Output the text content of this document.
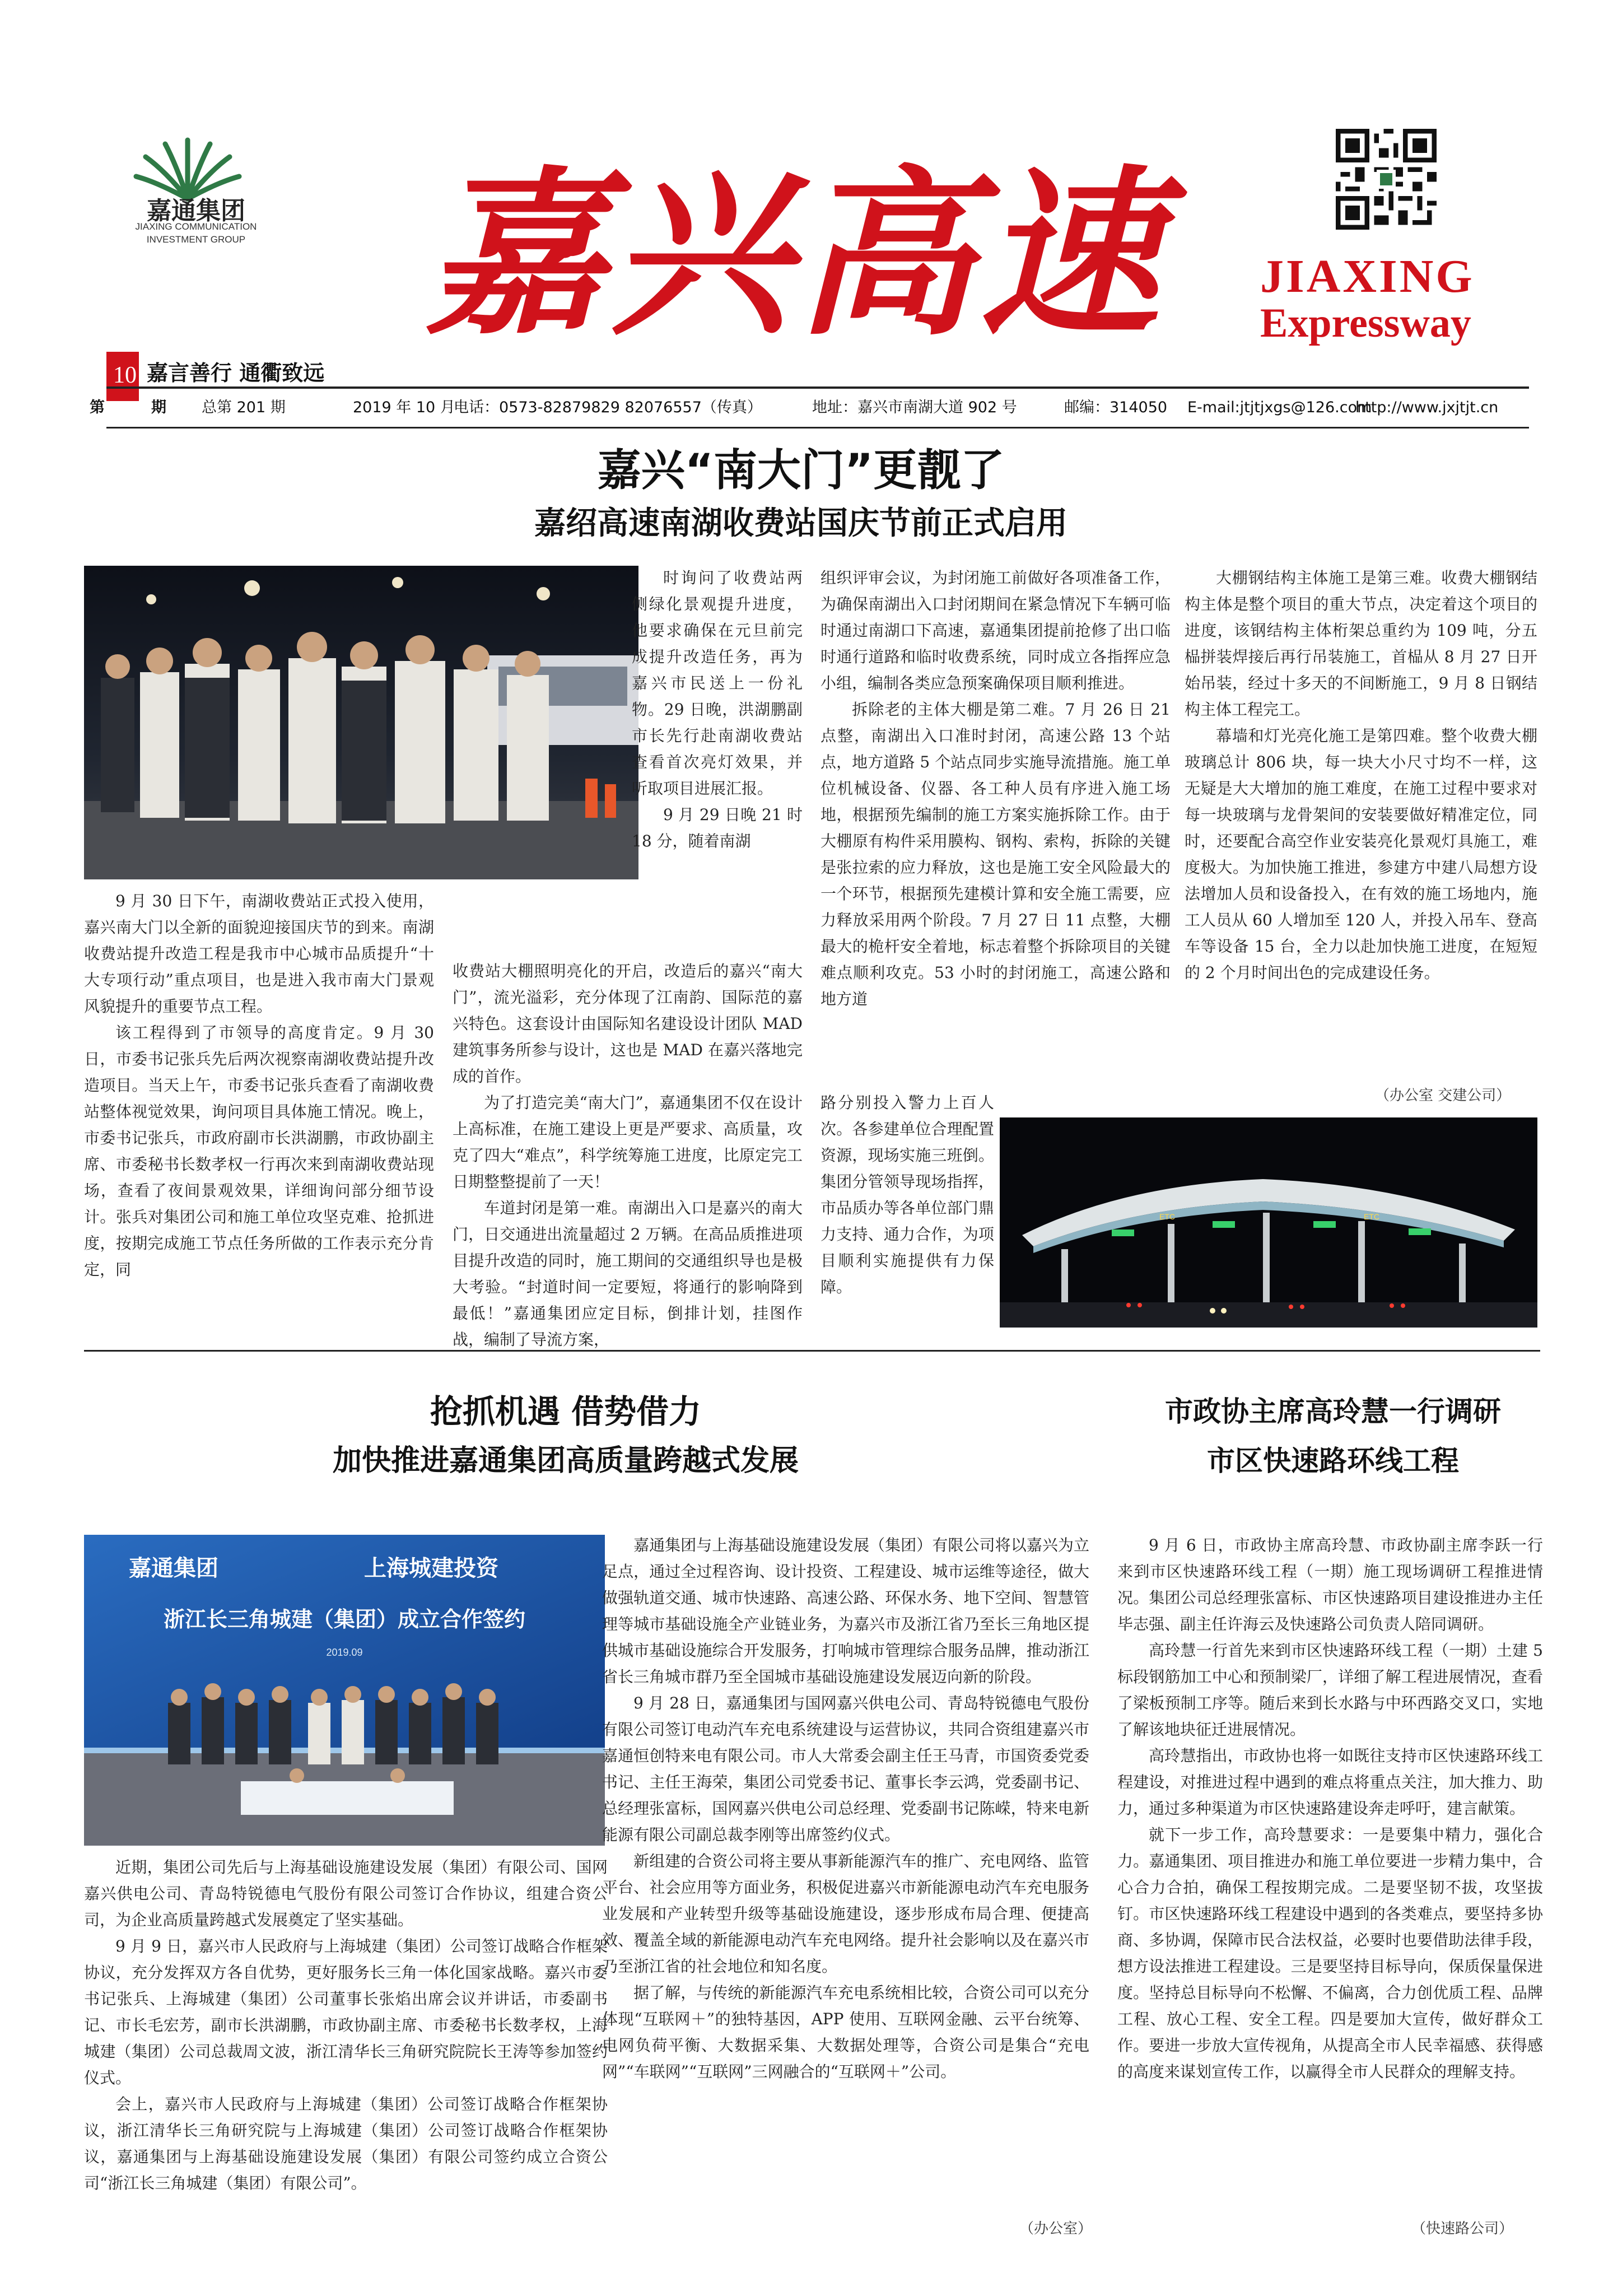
嘉通集团
JIAXING COMMUNICATION
INVESTMENT GROUP 嘉兴高速 JIAXING
Expressway
嘉言善行 通衢致远
第
10
期 总第 201 期	2019 年 10 月
电话：0573-82879829 82076557（传真）	地址：嘉兴市南湖大道 902 号	邮编：314050 E-mail:jtjtjxgs@126.com
http://www.jxjtjt.cn
嘉兴“南大门”更靓了
嘉绍高速南湖收费站国庆节前正式启用

9 月 30 日下午，南湖收费站正式投入使用，嘉兴南大门以全新的面貌迎接国庆节的到来。南湖收费站提升改造工程是我市中心城市品质提升“十大专项行动”重点项目，也是进入我市南大门景观风貌提升的重要节点工程。

该工程得到了市领导的高度肯定。9 月 30 日，市委书记张兵先后两次视察南湖收费站提升改造项目。当天上午，市委书记张兵查看了南湖收费站整体视觉效果，询问项目具体施工情况。晚上，市委书记张兵，市政府副市长洪湖鹏，市政协副主席、市委秘书长数孝权一行再次来到南湖收费站现场，查看了夜间景观效果，详细询问部分细节设计。张兵对集团公司和施工单位攻坚克难、抢抓进度，按期完成施工节点任务所做的工作表示充分肯定，同

时询问了收费站两侧绿化景观提升进度，他要求确保在元旦前完成提升改造任务，再为嘉兴市民送上一份礼物。29 日晚，洪湖鹏副市长先行赴南湖收费站查看首次亮灯效果，并听取项目进展汇报。

9 月 29 日晚 21 时 18 分，随着南湖

收费站大棚照明亮化的开启，改造后的嘉兴“南大门”，流光溢彩，充分体现了江南韵、国际范的嘉兴特色。这套设计由国际知名建设设计团队 MAD 建筑事务所参与设计，这也是 MAD 在嘉兴落地完成的首作。

为了打造完美“南大门”，嘉通集团不仅在设计上高标准，在施工建设上更是严要求、高质量，攻克了四大“难点”，科学统筹施工进度，比原定完工日期整整提前了一天！

车道封闭是第一难。南湖出入口是嘉兴的南大门，日交通进出流量超过 2 万辆。在高品质推进项目提升改造的同时，施工期间的交通组织导也是极大考验。“封道时间一定要短，将通行的影响降到最低！”嘉通集团应定目标，倒排计划，挂图作战，编制了导流方案，

组织评审会议，为封闭施工前做好各项准备工作，为确保南湖出入口封闭期间在紧急情况下车辆可临时通过南湖口下高速，嘉通集团提前抢修了出口临时通行道路和临时收费系统，同时成立各指挥应急小组，编制各类应急预案确保项目顺利推进。

拆除老的主体大棚是第二难。7 月 26 日 21 点整，南湖出入口准时封闭，高速公路 13 个站点，地方道路 5 个站点同步实施导流措施。施工单位机械设备、仪器、各工种人员有序进入施工场地，根据预先编制的施工方案实施拆除工作。由于大棚原有构件采用膜构、钢构、索构，拆除的关键是张拉索的应力释放，这也是施工安全风险最大的一个环节，根据预先建模计算和安全施工需要，应力释放采用两个阶段。7 月 27 日 11 点整，大棚最大的桅杆安全着地，标志着整个拆除项目的关键难点顺利攻克。53 小时的封闭施工，高速公路和地方道

路分别投入警力上百人次。各参建单位合理配置资源，现场实施三班倒。集团分管领导现场指挥，市品质办等各单位部门鼎力支持、通力合作，为项目顺利实施提供有力保障。

大棚钢结构主体施工是第三难。收费大棚钢结构主体是整个项目的重大节点，决定着这个项目的进度，该钢结构主体桁架总重约为 109 吨，分五榀拼装焊接后再行吊装施工，首榀从 8 月 27 日开始吊装，经过十多天的不间断施工，9 月 8 日钢结构主体工程完工。

幕墙和灯光亮化施工是第四难。整个收费大棚玻璃总计 806 块，每一块大小尺寸均不一样，这无疑是大大增加的施工难度，在施工过程中要求对每一块玻璃与龙骨架间的安装要做好精准定位，同时，还要配合高空作业安装亮化景观灯具施工，难度极大。为加快施工推进，参建方中建八局想方设法增加人员和设备投入，在有效的施工场地内，施工人员从 60 人增加至 120 人，并投入吊车、登高车等设备 15 台，全力以赴加快施工进度，在短短的 2 个月时间出色的完成建设任务。

（办公室 交建公司）
ETC	ETC
抢抓机遇 借势借力
加快推进嘉通集团高质量跨越式发展
嘉通集团	上海城建投资
浙江长三角城建（集团）成立合作签约
2019.09

近期，集团公司先后与上海基础设施建设发展（集团）有限公司、国网嘉兴供电公司、青岛特锐德电气股份有限公司签订合作协议，组建合资公司，为企业高质量跨越式发展奠定了坚实基础。

9 月 9 日，嘉兴市人民政府与上海城建（集团）公司签订战略合作框架协议，充分发挥双方各自优势，更好服务长三角一体化国家战略。嘉兴市委书记张兵、上海城建（集团）公司董事长张焰出席会议并讲话，市委副书记、市长毛宏芳，副市长洪湖鹏，市政协副主席、市委秘书长数孝权，上海城建（集团）公司总裁周文波，浙江清华长三角研究院院长王涛等参加签约仪式。

会上，嘉兴市人民政府与上海城建（集团）公司签订战略合作框架协议，浙江清华长三角研究院与上海城建（集团）公司签订战略合作框架协议，嘉通集团与上海基础设施建设发展（集团）有限公司签约成立合资公司“浙江长三角城建（集团）有限公司”。

嘉通集团与上海基础设施建设发展（集团）有限公司将以嘉兴为立足点，通过全过程咨询、设计投资、工程建设、城市运维等途径，做大做强轨道交通、城市快速路、高速公路、环保水务、地下空间、智慧管理等城市基础设施全产业链业务，为嘉兴市及浙江省乃至长三角地区提供城市基础设施综合开发服务，打响城市管理综合服务品牌，推动浙江省长三角城市群乃至全国城市基础设施建设发展迈向新的阶段。

9 月 28 日，嘉通集团与国网嘉兴供电公司、青岛特锐德电气股份有限公司签订电动汽车充电系统建设与运营协议，共同合资组建嘉兴市嘉通恒创特来电有限公司。市人大常委会副主任王马青，市国资委党委书记、主任王海荣，集团公司党委书记、董事长李云鸿，党委副书记、总经理张富标，国网嘉兴供电公司总经理、党委副书记陈嵘，特来电新能源有限公司副总裁李刚等出席签约仪式。

新组建的合资公司将主要从事新能源汽车的推广、充电网络、监管平台、社会应用等方面业务，积极促进嘉兴市新能源电动汽车充电服务业发展和产业转型升级等基础设施建设，逐步形成布局合理、便捷高效、覆盖全域的新能源电动汽车充电网络。提升社会影响以及在嘉兴市乃至浙江省的社会地位和知名度。

据了解，与传统的新能源汽车充电系统相比较，合资公司可以充分体现“互联网＋”的独特基因，APP 使用、互联网金融、云平台统筹、电网负荷平衡、大数据采集、大数据处理等，合资公司是集合“充电网”“车联网”“互联网”三网融合的“互联网＋”公司。

（办公室）
市政协主席高玲慧一行调研
市区快速路环线工程

9 月 6 日，市政协主席高玲慧、市政协副主席李跃一行来到市区快速路环线工程（一期）施工现场调研工程推进情况。集团公司总经理张富标、市区快速路项目建设推进办主任毕志强、副主任许海云及快速路公司负责人陪同调研。

高玲慧一行首先来到市区快速路环线工程（一期）土建 5 标段钢筋加工中心和预制梁厂，详细了解工程进展情况，查看了梁板预制工序等。随后来到长水路与中环西路交叉口，实地了解该地块征迁进展情况。

高玲慧指出，市政协也将一如既往支持市区快速路环线工程建设，对推进过程中遇到的难点将重点关注，加大推力、助力，通过多种渠道为市区快速路建设奔走呼吁，建言献策。

就下一步工作，高玲慧要求：一是要集中精力，强化合力。嘉通集团、项目推进办和施工单位要进一步精力集中，合心合力合拍，确保工程按期完成。二是要坚韧不拔，攻坚拔钉。市区快速路环线工程建设中遇到的各类难点，要坚持多协商、多协调，保障市民合法权益，必要时也要借助法律手段，想方设法推进工程建设。三是要坚持目标导向，保质保量保进度。坚持总目标导向不松懈、不偏离，合力创优质工程、品牌工程、放心工程、安全工程。四是要加大宣传，做好群众工作。要进一步放大宣传视角，从提高全市人民幸福感、获得感的高度来谋划宣传工作，以赢得全市人民群众的理解支持。

（快速路公司）
